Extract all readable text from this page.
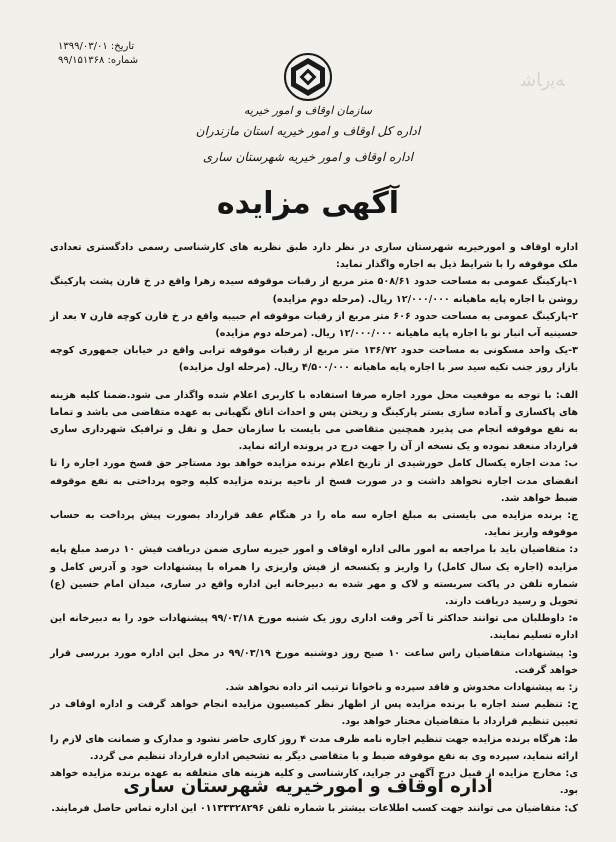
تاریخ: ۱۳۹۹/۰۳/۰۱
شماره: ۹۹/۱۵۱۳۶۸
ﻪﯾﺭﺎﺷ
سازمان اوقاف و امور خیریه
اداره کل اوقاف و امور خیریه استان مازندران
اداره اوقاف و امور خیریه شهرستان ساری
آگهی مزایده

اداره اوقاف و امورخیریه شهرستان ساری در نظر دارد طبق نظریه های کارشناسی رسمی دادگستری تعدادی ملک موقوفه را با شرایط ذیل به اجاره واگذار نماید:

۱-پارکینگ عمومی به مساحت حدود ۵۰۸/۶۱ متر مربع از رقبات موقوفه سیده زهرا واقع در خ قارن پشت پارکینگ روشن با اجاره پایه ماهیانه ۱۲/۰۰۰/۰۰۰ ریال. (مرحله دوم مزایده)

۲-پارکینگ عمومی به مساحت حدود ۶۰۶ متر مربع از رقبات موقوفه ام حبیبه واقع در خ قارن کوچه قارن ۷ بعد از حسینیه آب انبار نو با اجاره پایه ماهیانه ۱۲/۰۰۰/۰۰۰ ریال. (مرحله دوم مزایده)

۳-یک واحد مسکونی به مساحت حدود ۱۳۶/۷۲ متر مربع از رقبات موقوفه ترابی واقع در خیابان جمهوری کوچه بازار روز جنب تکیه سید سر با اجاره پایه ماهیانه ۴/۵۰۰/۰۰۰ ریال. (مرحله اول مزایده)

الف: با توجه به موقعیت محل مورد اجاره صرفا استفاده با کاربری اعلام شده واگذار می شود.ضمنا کلیه هزینه های پاکسازی و آماده سازی بستر پارکینگ و ریختن پس و احداث اتاق نگهبانی به عهده متقاضی می باشد و تماما به نفع موقوفه انجام می پذیرد همچنین متقاضی می بایست با سازمان حمل و نقل و ترافیک شهرداری ساری قرارداد منعقد نموده و یک نسخه از آن را جهت درج در پرونده ارائه نماید.

ب: مدت اجاره یکسال کامل خورشیدی از تاریخ اعلام برنده مزایده خواهد بود مستاجر حق فسخ مورد اجاره را تا انقضای مدت اجاره نخواهد داشت و در صورت فسخ از ناحیه برنده مزایده کلیه وجوه پرداختی به نفع موقوفه ضبط خواهد شد.

ج: برنده مزایده می بایستی به مبلغ اجاره سه ماه را در هنگام عقد قرارداد بصورت پیش پرداخت به حساب موقوفه واریز نماید.

د: متقاضیان باید با مراجعه به امور مالی اداره اوقاف و امور خیریه ساری ضمن دریافت فیش ۱۰ درصد مبلغ پایه مزایده (اجاره یک سال کامل) را واریز و یکنسخه از فیش واریزی را همراه با پیشنهادات خود و آدرس کامل و شماره تلفن در پاکت سربسته و لاک و مهر شده به دبیرخانه این اداره واقع در ساری، میدان امام حسین (ع) تحویل و رسید دریافت دارند.

ه: داوطلبان می توانند حداکثر تا آخر وقت اداری روز یک شنبه مورخ ۹۹/۰۳/۱۸ پیشنهادات خود را به دبیرخانه این اداره تسلیم نمایند.

و: پیشنهادات متقاضیان راس ساعت ۱۰ صبح روز دوشنبه مورخ ۹۹/۰۳/۱۹ در محل این اداره مورد بررسی قرار خواهد گرفت.

ز: به پیشنهادات مخدوش و فاقد سپرده و ناخوانا ترتیب اثر داده نخواهد شد.

ح: تنظیم سند اجاره با برنده مزایده پس از اظهار نظر کمیسیون مزایده انجام خواهد گرفت و اداره اوقاف در تعیین تنظیم قرارداد با متقاضیان مختار خواهد بود.

ط: هرگاه برنده مزایده جهت تنظیم اجاره نامه ظرف مدت ۴ روز کاری حاضر نشود و مدارک و ضمانت های لازم را ارائه ننماید، سپرده وی به نفع موقوفه ضبط و با متقاضی دیگر به تشخیص اداره قرارداد تنظیم می گردد.

ی: مخارج مزایده از قبیل درج آگهی در جراید، کارشناسی و کلیه هزینه های متعلقه به عهده برنده مزایده خواهد بود.

ک: متقاضیان می توانند جهت کسب اطلاعات بیشتر با شماره تلفن ۰۱۱۳۳۳۲۸۲۹۶ این اداره تماس حاصل فرمایند.

اداره اوقاف و امورخیریه شهرستان ساری
